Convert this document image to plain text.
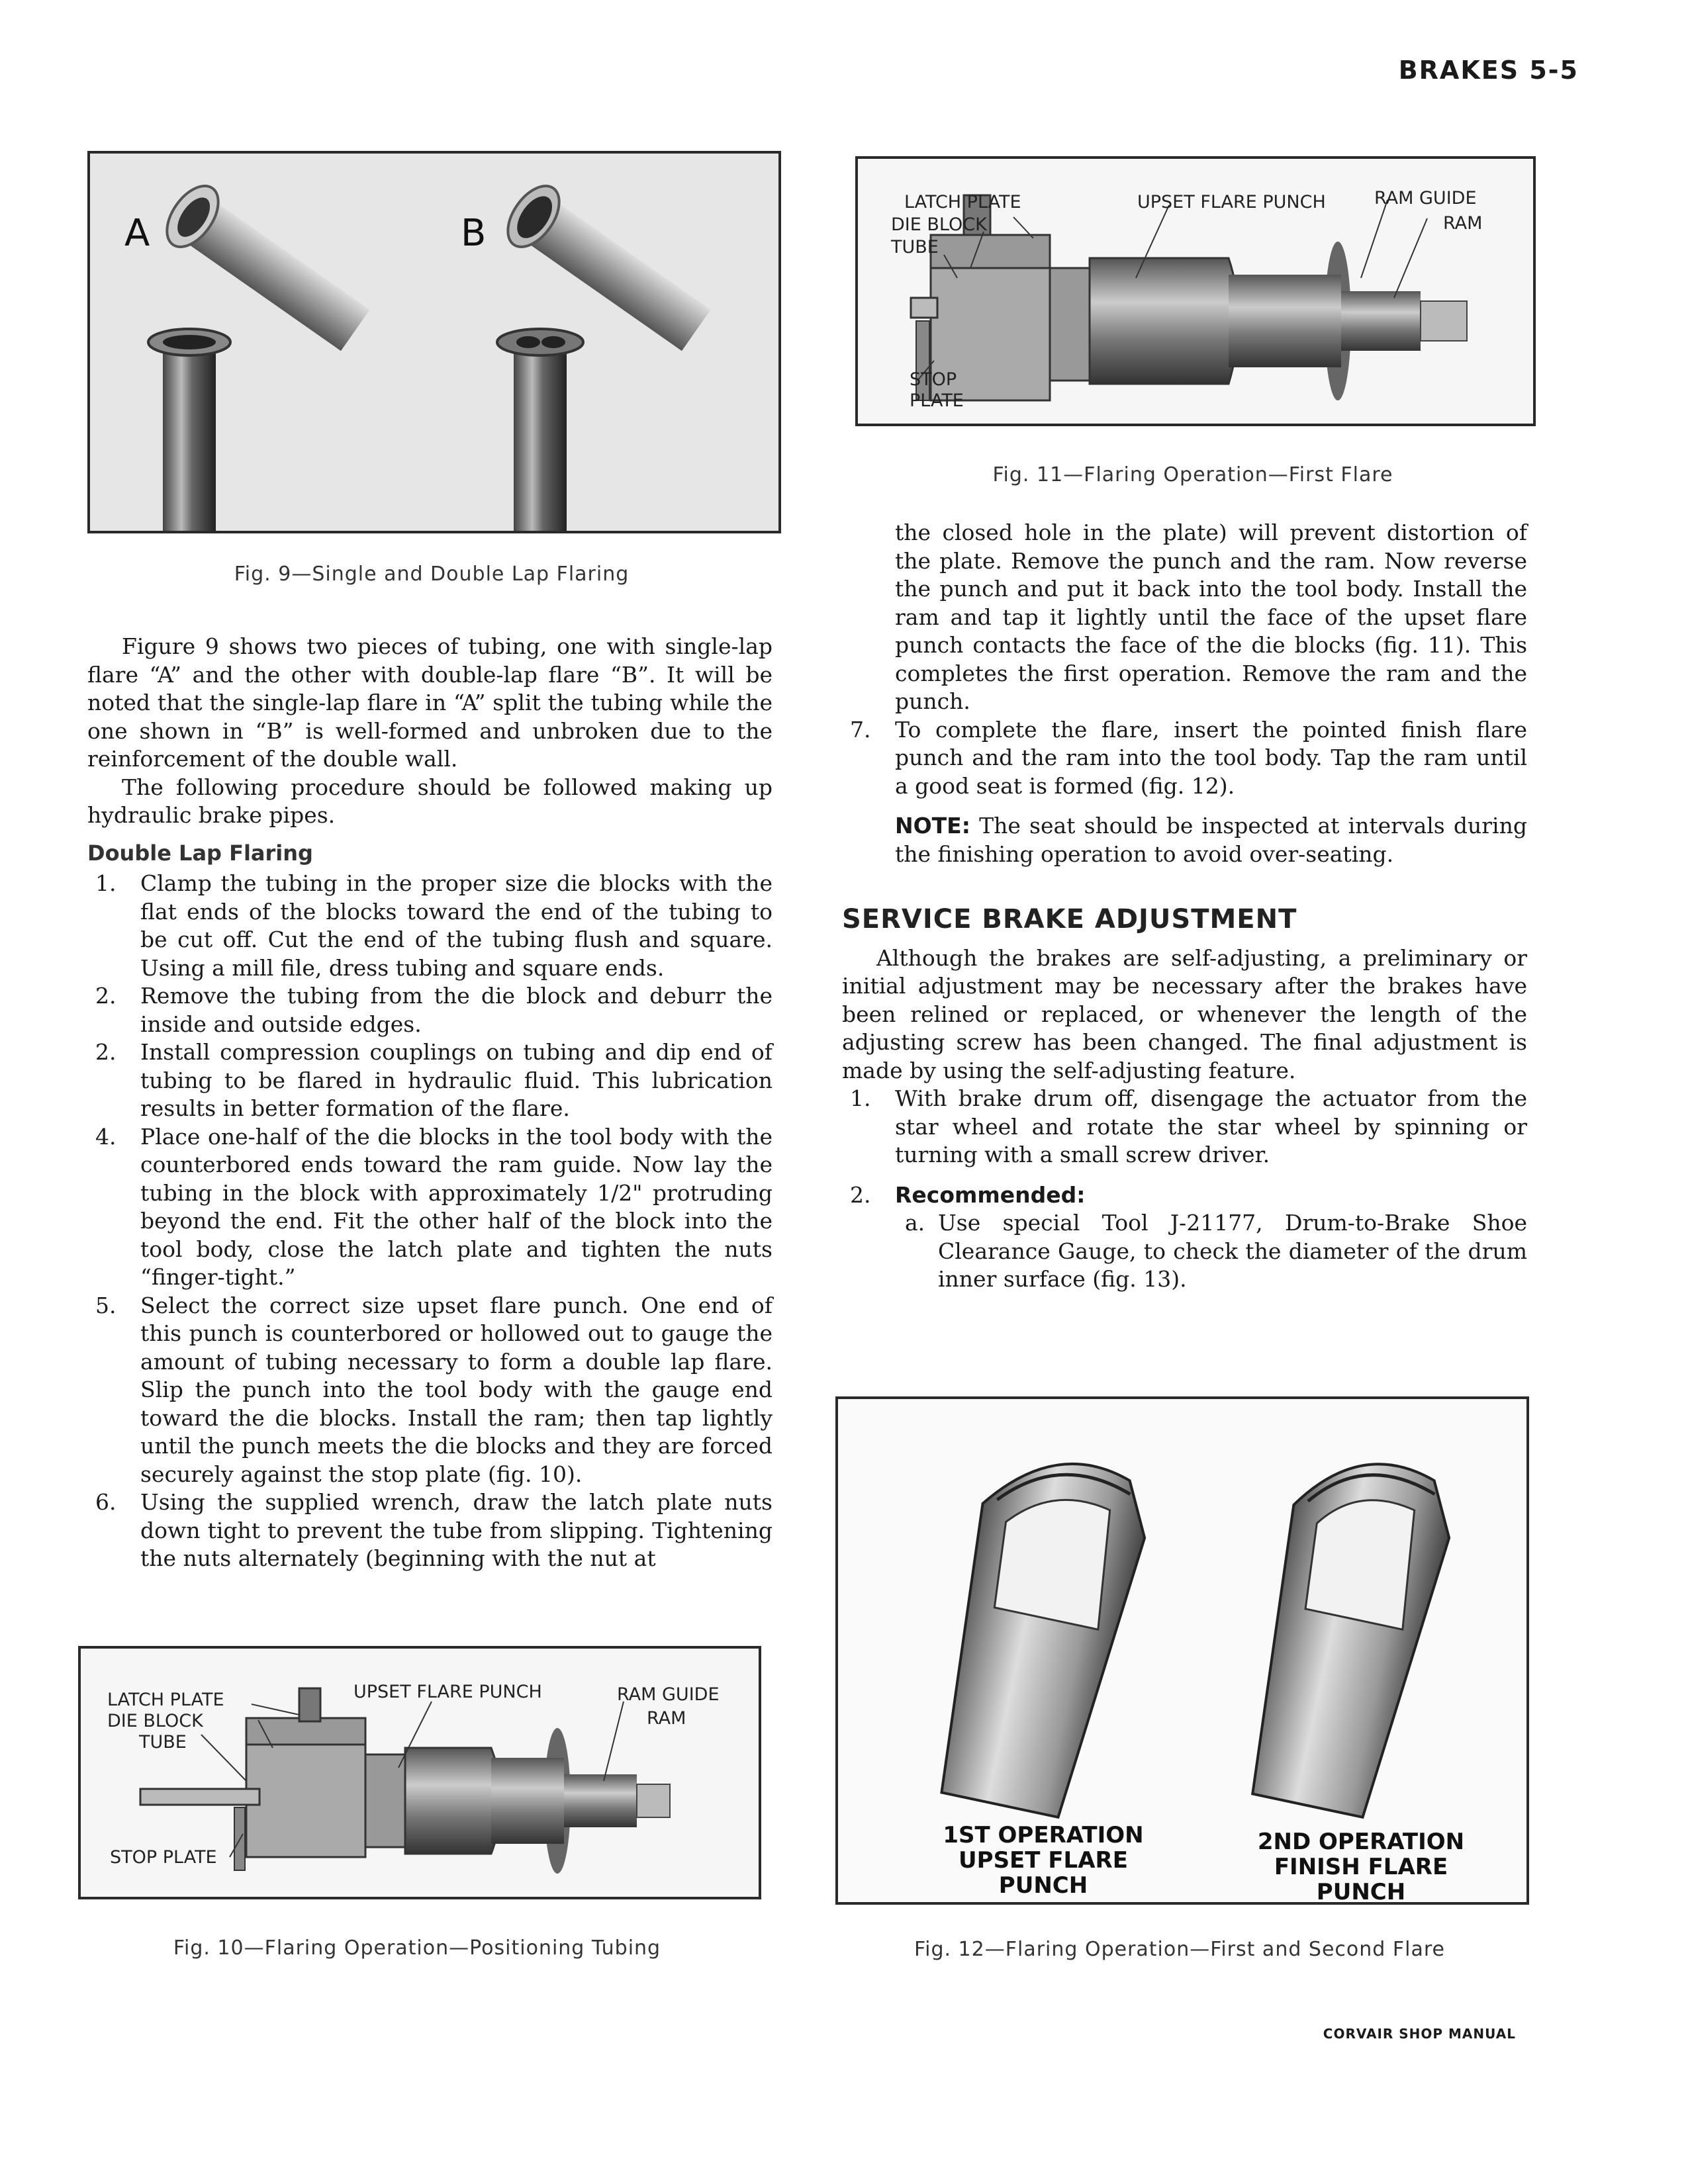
BRAKES 5-5
A	B
Fig. 9—Single and Double Lap Flaring

Figure 9 shows two pieces of tubing, one with single-lap flare “A” and the other with double-lap flare “B”. It will be noted that the single-lap flare in “A” split the tubing while the one shown in “B” is well-formed and unbroken due to the reinforcement of the double wall.

The following procedure should be followed making up hydraulic brake pipes.

Double Lap Flaring
1. Clamp the tubing in the proper size die blocks with the flat ends of the blocks toward the end of the tubing to be cut off. Cut the end of the tubing flush and square. Using a mill file, dress tubing and square ends.
2. Remove the tubing from the die block and deburr the inside and outside edges.
2. Install compression couplings on tubing and dip end of tubing to be flared in hydraulic fluid. This lubrication results in better formation of the flare.
4. Place one-half of the die blocks in the tool body with the counterbored ends toward the ram guide. Now lay the tubing in the block with approximately 1/2" protruding beyond the end. Fit the other half of the block into the tool body, close the latch plate and tighten the nuts “finger-tight.”
5. Select the correct size upset flare punch. One end of this punch is counterbored or hollowed out to gauge the amount of tubing necessary to form a double lap flare. Slip the punch into the tool body with the gauge end toward the die blocks. Install the ram; then tap lightly until the punch meets the die blocks and they are forced securely against the stop plate (fig. 10).
6. Using the supplied wrench, draw the latch plate nuts down tight to prevent the tube from slipping. Tightening the nuts alternately (beginning with the nut at
LATCH PLATE
DIE BLOCK
TUBE
UPSET FLARE PUNCH	RAM GUIDE
RAM
STOP PLATE
Fig. 10—Flaring Operation—Positioning Tubing
LATCH PLATE
DIE BLOCK
TUBE
UPSET FLARE PUNCH	RAM GUIDE
RAM
STOP
PLATE
Fig. 11—Flaring Operation—First Flare

the closed hole in the plate) will prevent distortion of the plate. Remove the punch and the ram. Now reverse the punch and put it back into the tool body. Install the ram and tap it lightly until the face of the upset flare punch contacts the face of the die blocks (fig. 11). This completes the first operation. Remove the ram and the punch.

7. To complete the flare, insert the pointed finish flare punch and the ram into the tool body. Tap the ram until a good seat is formed (fig. 12).

NOTE: The seat should be inspected at intervals during the finishing operation to avoid over-seating.

SERVICE BRAKE ADJUSTMENT

Although the brakes are self-adjusting, a preliminary or initial adjustment may be necessary after the brakes have been relined or replaced, or whenever the length of the adjusting screw has been changed. The final adjustment is made by using the self-adjusting feature.

1. With brake drum off, disengage the actuator from the star wheel and rotate the star wheel by spinning or turning with a small screw driver.
2. Recommended:
a. Use special Tool J-21177, Drum-to-Brake Shoe Clearance Gauge, to check the diameter of the drum inner surface (fig. 13).
1ST OPERATION
UPSET FLARE
PUNCH
2ND OPERATION
FINISH FLARE
PUNCH
Fig. 12—Flaring Operation—First and Second Flare
CORVAIR SHOP MANUAL
